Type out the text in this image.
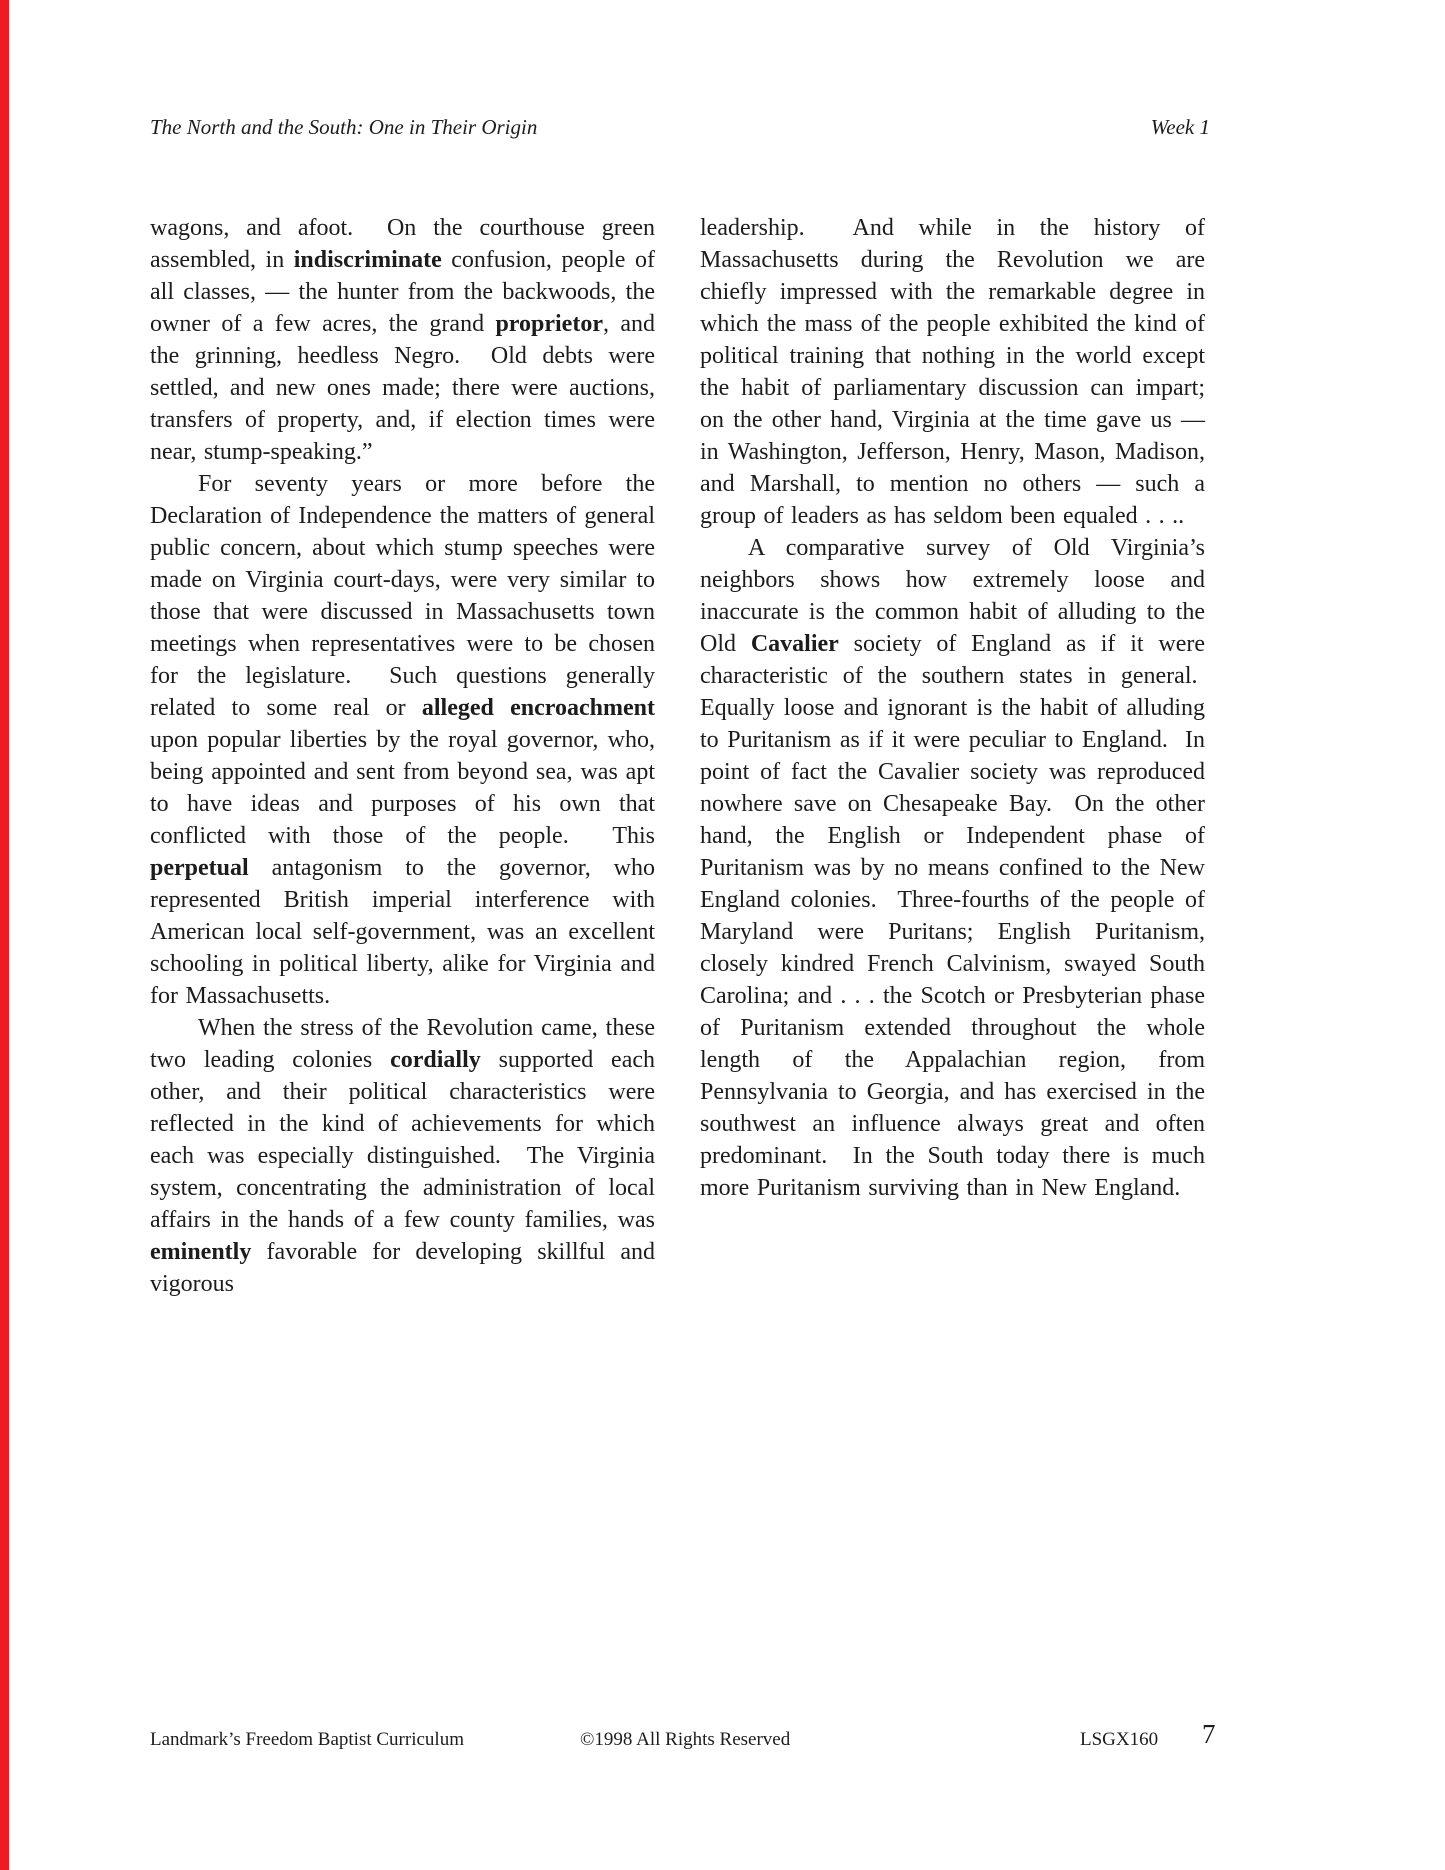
The North and the South: One in Their Origin	Week 1

wagons, and afoot.  On the courthouse green assembled, in indiscriminate confusion, people of all classes, — the hunter from the backwoods, the owner of a few acres, the grand proprietor, and the grinning, heedless Negro.  Old debts were settled, and new ones made; there were auctions, transfers of property, and, if election times were near, stump-speaking.”

For seventy years or more before the Declaration of Independence the matters of general public concern, about which stump speeches were made on Virginia court-days, were very similar to those that were discussed in Massachusetts town meetings when representatives were to be chosen for the legislature.  Such questions generally related to some real or alleged encroachment upon popular liberties by the royal governor, who, being appointed and sent from beyond sea, was apt to have ideas and purposes of his own that conflicted with those of the people.  This perpetual antagonism to the governor, who represented British imperial interference with American local self-government, was an excellent schooling in political liberty, alike for Virginia and for Massachusetts.

When the stress of the Revolution came, these two leading colonies cordially supported each other, and their political characteristics were reflected in the kind of achievements for which each was especially distinguished.  The Virginia system, concentrating the administration of local affairs in the hands of a few county families, was eminently favorable for developing skillful and vigorous

leadership.  And while in the history of Massachusetts during the Revolution we are chiefly impressed with the remarkable degree in which the mass of the people exhibited the kind of political training that nothing in the world except the habit of parliamentary discussion can impart; on the other hand, Virginia at the time gave us — in Washington, Jefferson, Henry, Mason, Madison, and Marshall, to mention no others — such a group of leaders as has seldom been equaled . . ..

A comparative survey of Old Virginia’s neighbors shows how extremely loose and inaccurate is the common habit of alluding to the Old Cavalier society of England as if it were characteristic of the southern states in general.  Equally loose and ignorant is the habit of alluding to Puritanism as if it were peculiar to England.  In point of fact the Cavalier society was reproduced nowhere save on Chesapeake Bay.  On the other hand, the English or Independent phase of Puritanism was by no means confined to the New England colonies.  Three-fourths of the people of Maryland were Puritans; English Puritanism, closely kindred French Calvinism, swayed South Carolina; and . . . the Scotch or Presbyterian phase of Puritanism extended throughout the whole length of the Appalachian region, from Pennsylvania to Georgia, and has exercised in the southwest an influence always great and often predominant.  In the South today there is much more Puritanism surviving than in New England.

Landmark’s Freedom Baptist Curriculum	©1998 All Rights Reserved	LSGX160 7
